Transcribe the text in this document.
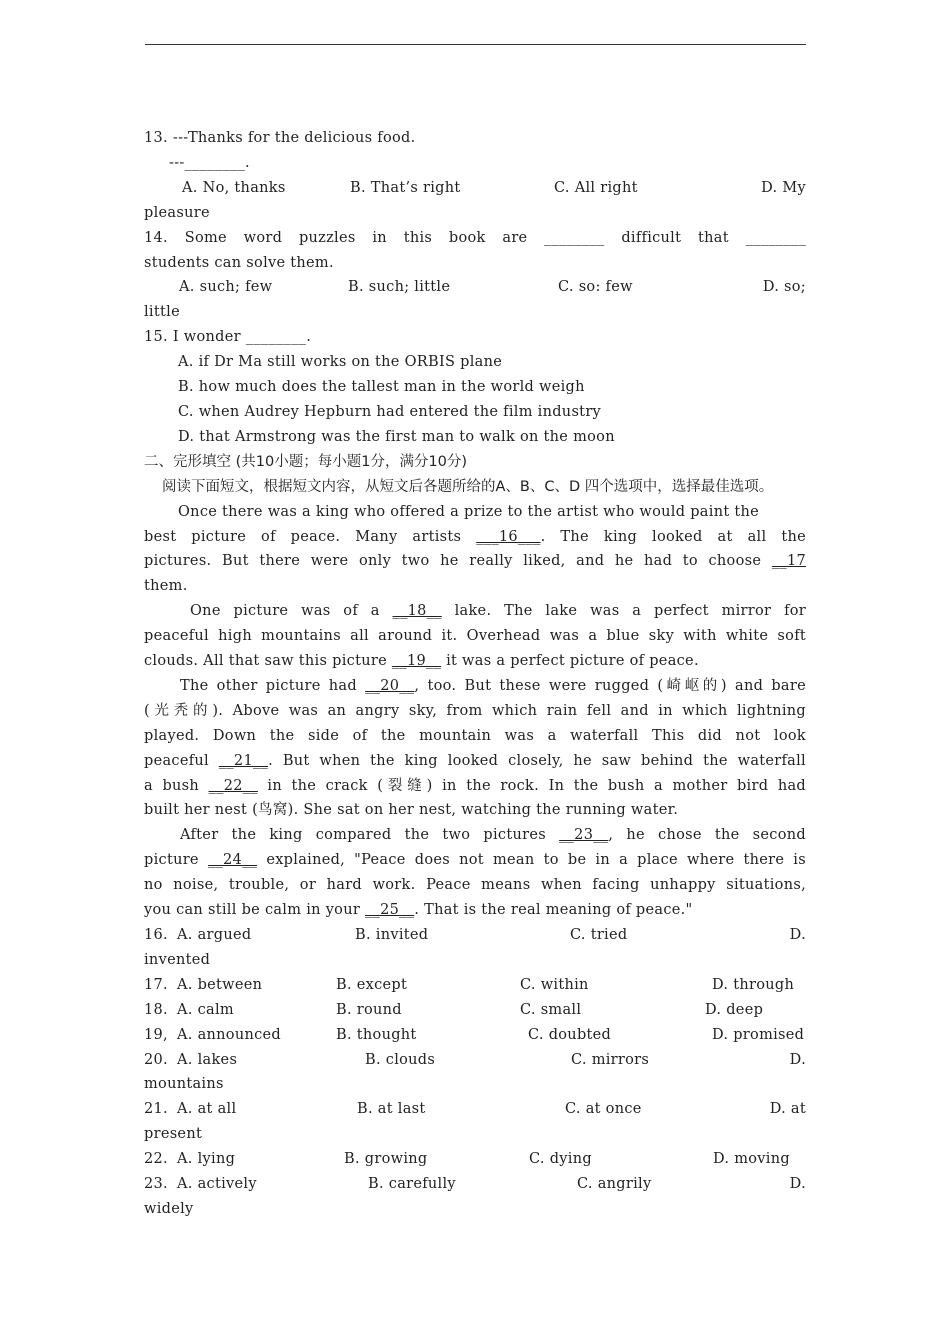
13. ---Thanks for the delicious food.
---________.
A. No, thanks	B. That’s right	C. All right	D. My
pleasure
14. Some word puzzles in this book are ________ difficult that ________
students can solve them.
A. such; few	B. such; little	C. so: few	D. so;
little
15. I wonder ________.
A. if Dr Ma still works on the ORBIS plane
B. how much does the tallest man in the world weigh
C. when Audrey Hepburn had entered the film industry
D. that Armstrong was the first man to walk on the moon
二、完形填空 (共10小题；每小题1分，满分10分)
阅读下面短文，根据短文内容，从短文后各题所给的A、B、C、D 四个选项中，选择最佳选项。
Once there was a king who offered a prize to the artist who would paint the
best picture of peace. Many artists ___16___. The king looked at all the
pictures. But there were only two he really liked, and he had to choose __17
them.
One picture was of a __18__ lake. The lake was a perfect mirror for
peaceful high mountains all around it. Overhead was a blue sky with white soft
clouds. All that saw this picture __19__ it was a perfect picture of peace.
The other picture had __20__, too. But these were rugged (崎岖的) and bare
(光秃的). Above was an angry sky, from which rain fell and in which lightning
played. Down the side of the mountain was a waterfall This did not look
peaceful __21__. But when the king looked closely, he saw behind the waterfall
a bush __22__ in the crack (裂缝) in the rock. In the bush a mother bird had
built her nest (鸟窝). She sat on her nest, watching the running water.
After the king compared the two pictures __23__, he chose the second
picture __24__ explained, "Peace does not mean to be in a place where there is
no noise, trouble, or hard work. Peace means when facing unhappy situations,
you can still be calm in your __25__. That is the real meaning of peace."
16. A. argued	B. invited	C. tried	D.
invented
17. A. between	B. except	C. within	D. through
18. A. calm	B. round	C. small	D. deep
19, A. announced	B. thought	C. doubted	D. promised
20. A. lakes	B. clouds	C. mirrors	D.
mountains
21. A. at all	B. at last	C. at once	D. at
present
22. A. lying	B. growing	C. dying	D. moving
23. A. actively	B. carefully	C. angrily	D.
widely
